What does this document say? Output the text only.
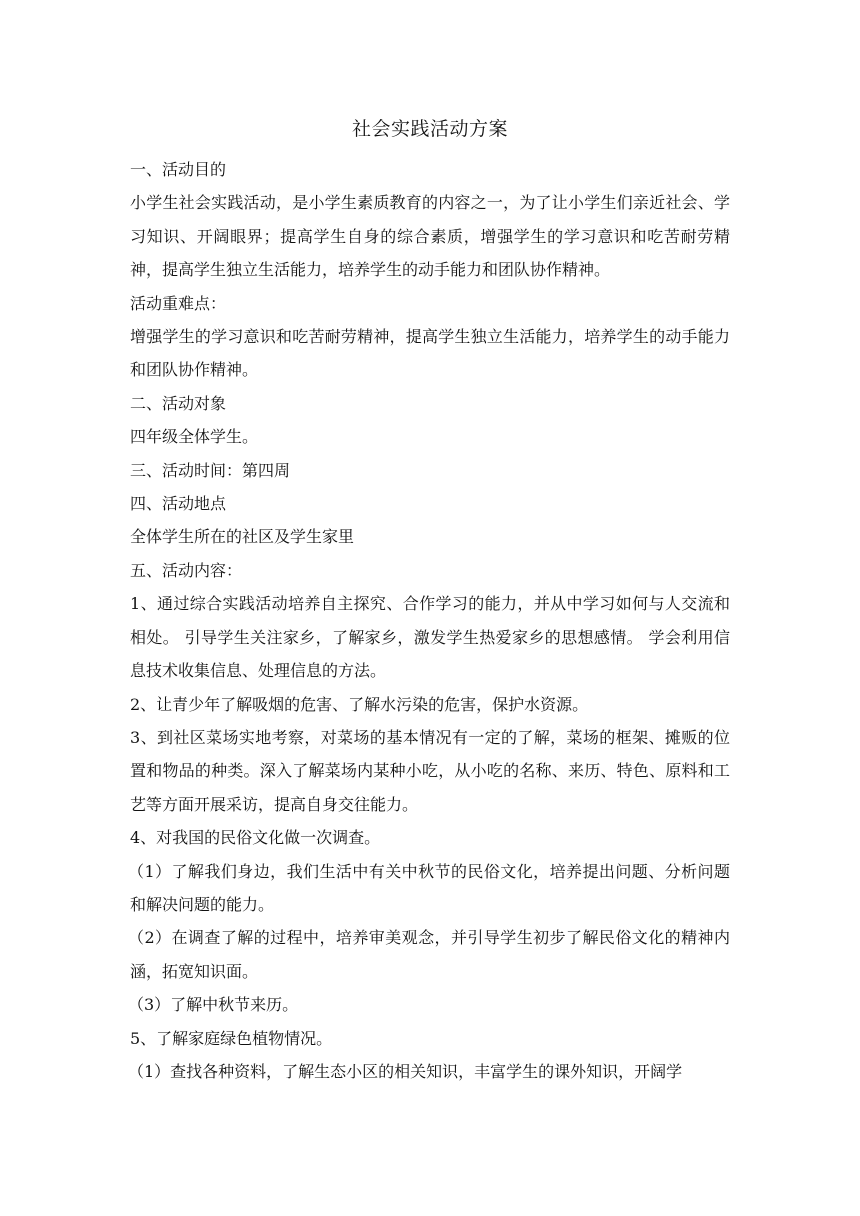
社会实践活动方案

一、活动目的

小学生社会实践活动，是小学生素质教育的内容之一，为了让小学生们亲近社会、学习知识、开阔眼界；提高学生自身的综合素质，增强学生的学习意识和吃苦耐劳精神，提高学生独立生活能力，培养学生的动手能力和团队协作精神。

活动重难点：

增强学生的学习意识和吃苦耐劳精神，提高学生独立生活能力，培养学生的动手能力和团队协作精神。

二、活动对象

四年级全体学生。

三、活动时间：第四周

四、活动地点

全体学生所在的社区及学生家里

五、活动内容：

1、通过综合实践活动培养自主探究、合作学习的能力，并从中学习如何与人交流和相处。 引导学生关注家乡，了解家乡，激发学生热爱家乡的思想感情。 学会利用信息技术收集信息、处理信息的方法。

2、让青少年了解吸烟的危害、了解水污染的危害，保护水资源。

3、到社区菜场实地考察，对菜场的基本情况有一定的了解，菜场的框架、摊贩的位置和物品的种类。深入了解菜场内某种小吃，从小吃的名称、来历、特色、原料和工艺等方面开展采访，提高自身交往能力。

4、对我国的民俗文化做一次调查。

（1）了解我们身边，我们生活中有关中秋节的民俗文化，培养提出问题、分析问题和解决问题的能力。

（2）在调查了解的过程中，培养审美观念，并引导学生初步了解民俗文化的精神内涵，拓宽知识面。

（3）了解中秋节来历。

5、了解家庭绿色植物情况。

（1）查找各种资料，了解生态小区的相关知识，丰富学生的课外知识，开阔学
